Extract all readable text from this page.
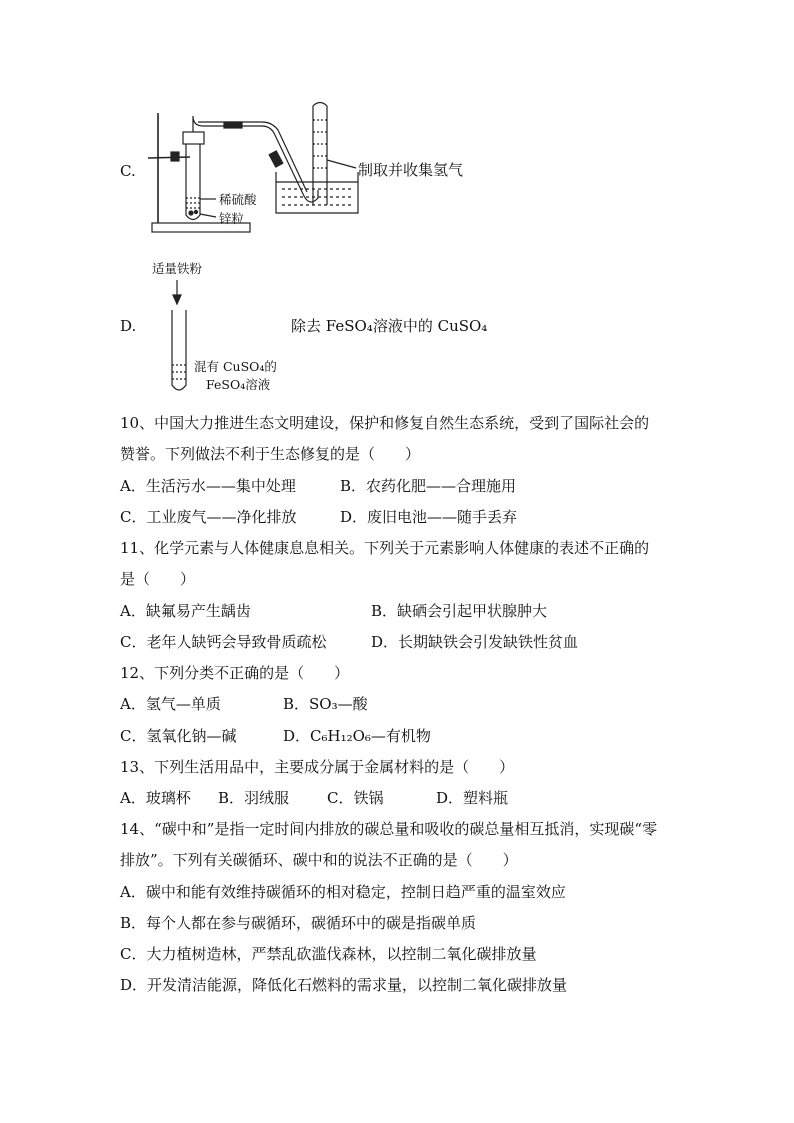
C.
稀硫酸
锌粒
制取并收集氢气
适量铁粉
D.	除去 FeSO₄溶液中的 CuSO₄
混有 CuSO₄的
FeSO₄溶液
10、中国大力推进生态文明建设，保护和修复自然生态系统，受到了国际社会的
赞誉。下列做法不利于生态修复的是（　　）
A．生活污水——集中处理	B．农药化肥——合理施用
C．工业废气——净化排放	D．废旧电池——随手丢弃
11、化学元素与人体健康息息相关。下列关于元素影响人体健康的表述不正确的
是（　　）
A．缺氟易产生龋齿	B．缺硒会引起甲状腺肿大
C．老年人缺钙会导致骨质疏松	D．长期缺铁会引发缺铁性贫血
12、下列分类不正确的是（　　）
A．氢气—单质	B．SO₃—酸
C．氢氧化钠—碱	D．C₆H₁₂O₆—有机物
13、下列生活用品中，主要成分属于金属材料的是（　　）
A．玻璃杯 B．羽绒服	C．铁锅	D．塑料瓶
14、“碳中和”是指一定时间内排放的碳总量和吸收的碳总量相互抵消，实现碳“零
排放”。下列有关碳循环、碳中和的说法不正确的是（　　）
A．碳中和能有效维持碳循环的相对稳定，控制日趋严重的温室效应
B．每个人都在参与碳循环，碳循环中的碳是指碳单质
C．大力植树造林，严禁乱砍滥伐森林，以控制二氧化碳排放量
D．开发清洁能源，降低化石燃料的需求量，以控制二氧化碳排放量
